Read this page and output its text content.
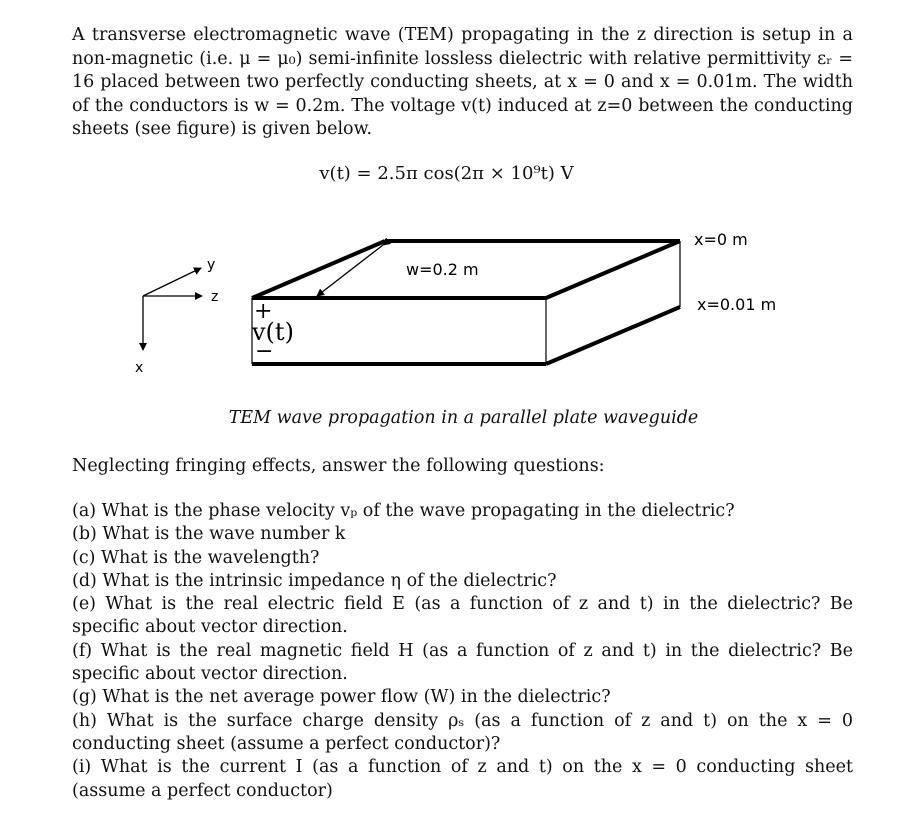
A transverse electromagnetic wave (TEM) propagating in the z direction is setup in a non-magnetic (i.e. μ = μ₀) semi-infinite lossless dielectric with relative permittivity εᵣ = 16 placed between two perfectly conducting sheets, at x = 0 and x = 0.01m. The width of the conductors is w = 0.2m. The voltage v(t) induced at z=0 between the conducting sheets (see figure) is given below.
v(t) = 2.5π cos(2π × 10⁹t) V
y
z
x
w=0.2 m
x=0 m
x=0.01 m
+
v(t)
−
TEM wave propagation in a parallel plate waveguide
Neglecting fringing effects, answer the following questions:
(a) What is the phase velocity vₚ of the wave propagating in the dielectric?
(b) What is the wave number k
(c) What is the wavelength?
(d) What is the intrinsic impedance η of the dielectric?
(e) What is the real electric field E (as a function of z and t) in the dielectric? Be specific about vector direction.
(f) What is the real magnetic field H (as a function of z and t) in the dielectric? Be specific about vector direction.
(g) What is the net average power flow (W) in the dielectric?
(h) What is the surface charge density ρₛ (as a function of z and t) on the x = 0 conducting sheet (assume a perfect conductor)?
(i) What is the current I (as a function of z and t) on the x = 0 conducting sheet (assume a perfect conductor)
